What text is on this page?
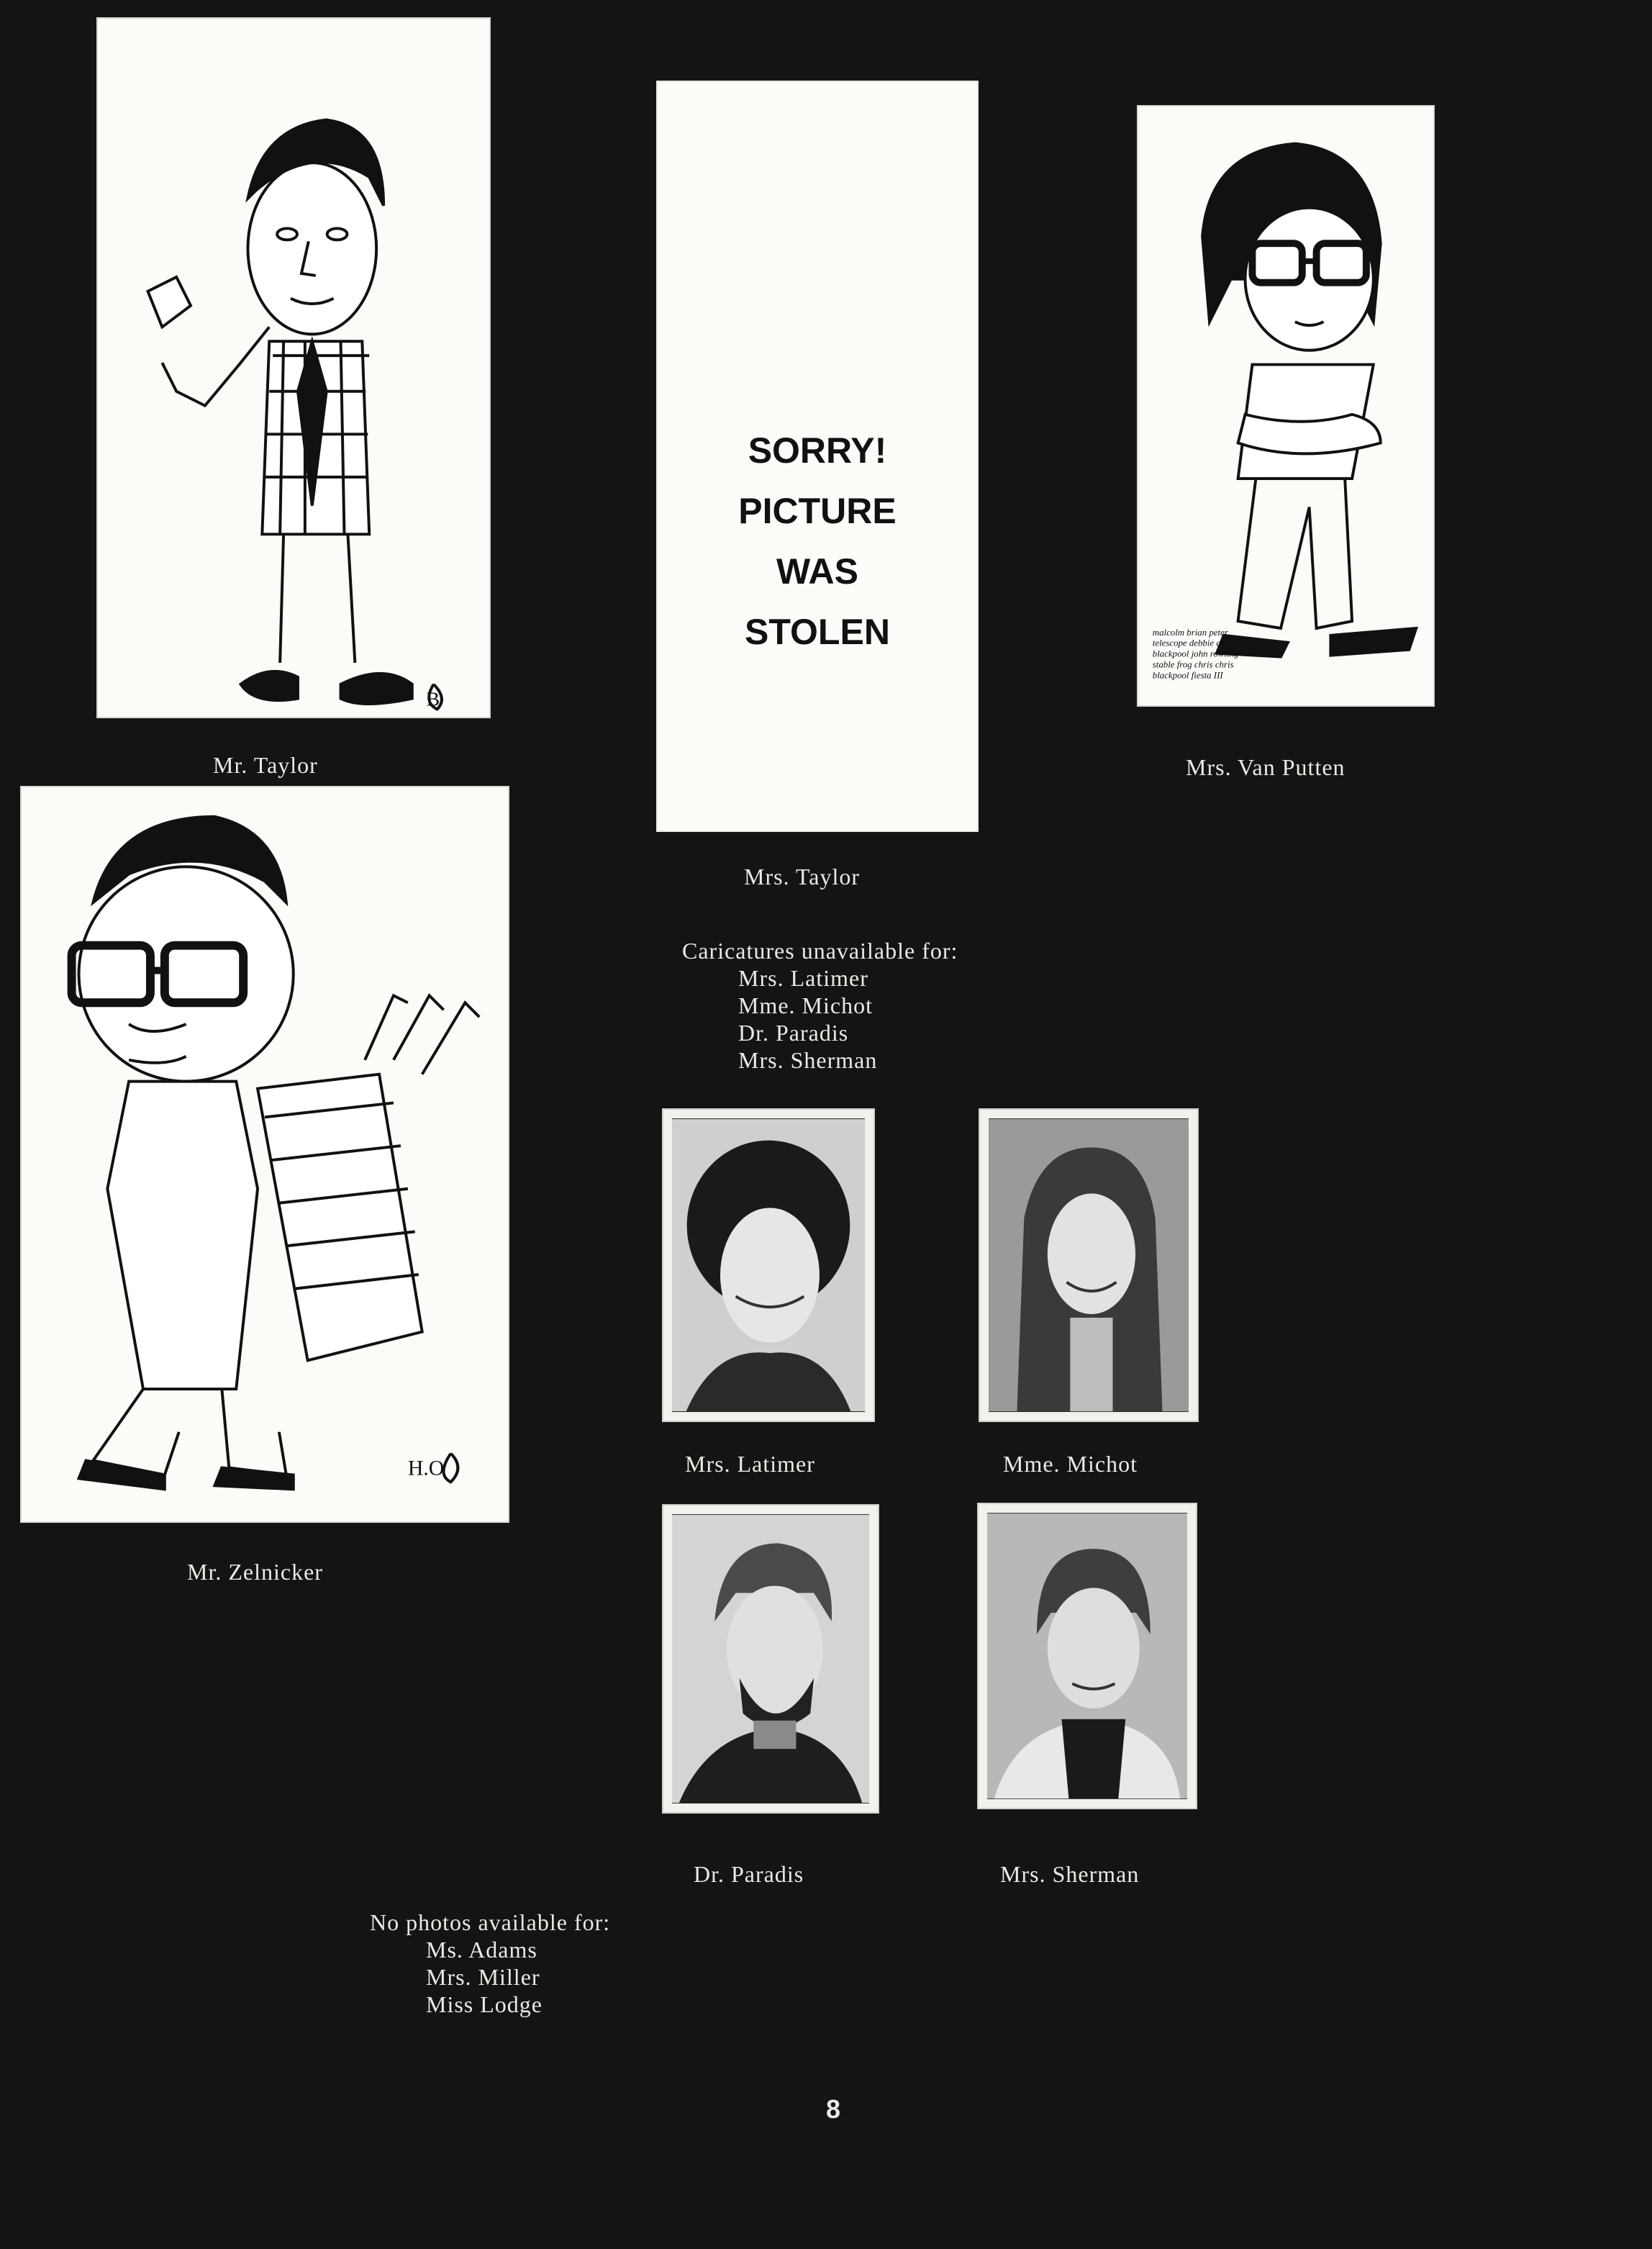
B
Mr. Taylor
SORRY!
PICTURE
WAS
STOLEN
Mrs. Taylor
malcolm brian peter
telescope debbie anne
blackpool john rowling
stable frog chris chris
blackpool fiesta III
Mrs. Van Putten
H.O
Mr. Zelnicker
Caricatures unavailable for:
Mrs. Latimer
Mme. Michot
Dr. Paradis
Mrs. Sherman
Mrs. Latimer	Mme. Michot
Dr. Paradis	Mrs. Sherman
No photos available for:
Ms. Adams
Mrs. Miller
Miss Lodge
8
